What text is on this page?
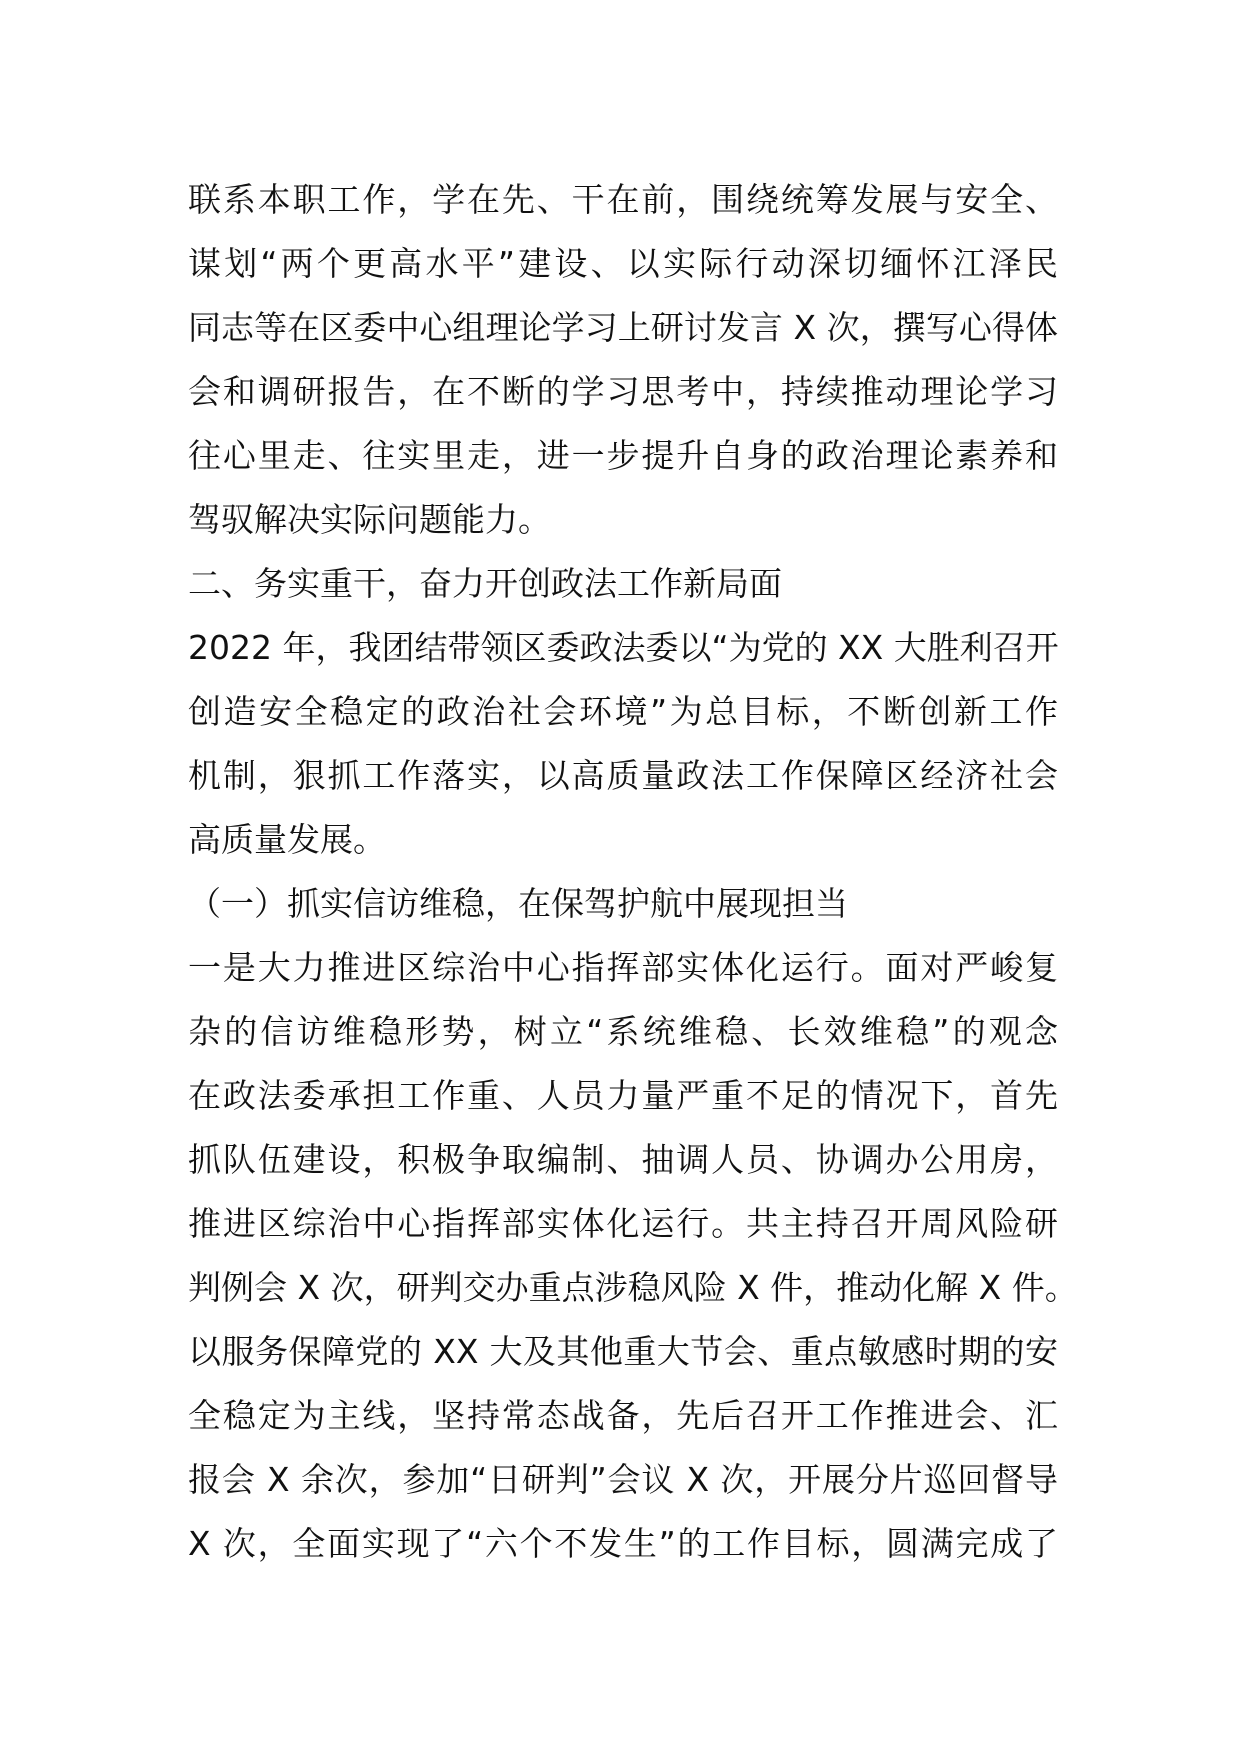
联系本职工作，学在先、干在前，围绕统筹发展与安全、
谋划“两个更高水平”建设、以实际行动深切缅怀江泽民
同志等在区委中心组理论学习上研讨发言 X 次，撰写心得体
会和调研报告，在不断的学习思考中，持续推动理论学习
往心里走、往实里走，进一步提升自身的政治理论素养和
驾驭解决实际问题能力。
二、务实重干，奋力开创政法工作新局面
2022 年，我团结带领区委政法委以“为党的 XX 大胜利召开
创造安全稳定的政治社会环境”为总目标，不断创新工作
机制，狠抓工作落实，以高质量政法工作保障区经济社会
高质量发展。
（一）抓实信访维稳，在保驾护航中展现担当
一是大力推进区综治中心指挥部实体化运行。面对严峻复
杂的信访维稳形势，树立“系统维稳、长效维稳”的观念
在政法委承担工作重、人员力量严重不足的情况下，首先
抓队伍建设，积极争取编制、抽调人员、协调办公用房，
推进区综治中心指挥部实体化运行。共主持召开周风险研
判例会 X 次，研判交办重点涉稳风险 X 件，推动化解 X 件。
以服务保障党的 XX 大及其他重大节会、重点敏感时期的安
全稳定为主线，坚持常态战备，先后召开工作推进会、汇
报会 X 余次，参加“日研判”会议 X 次，开展分片巡回督导
X 次，全面实现了“六个不发生”的工作目标，圆满完成了
